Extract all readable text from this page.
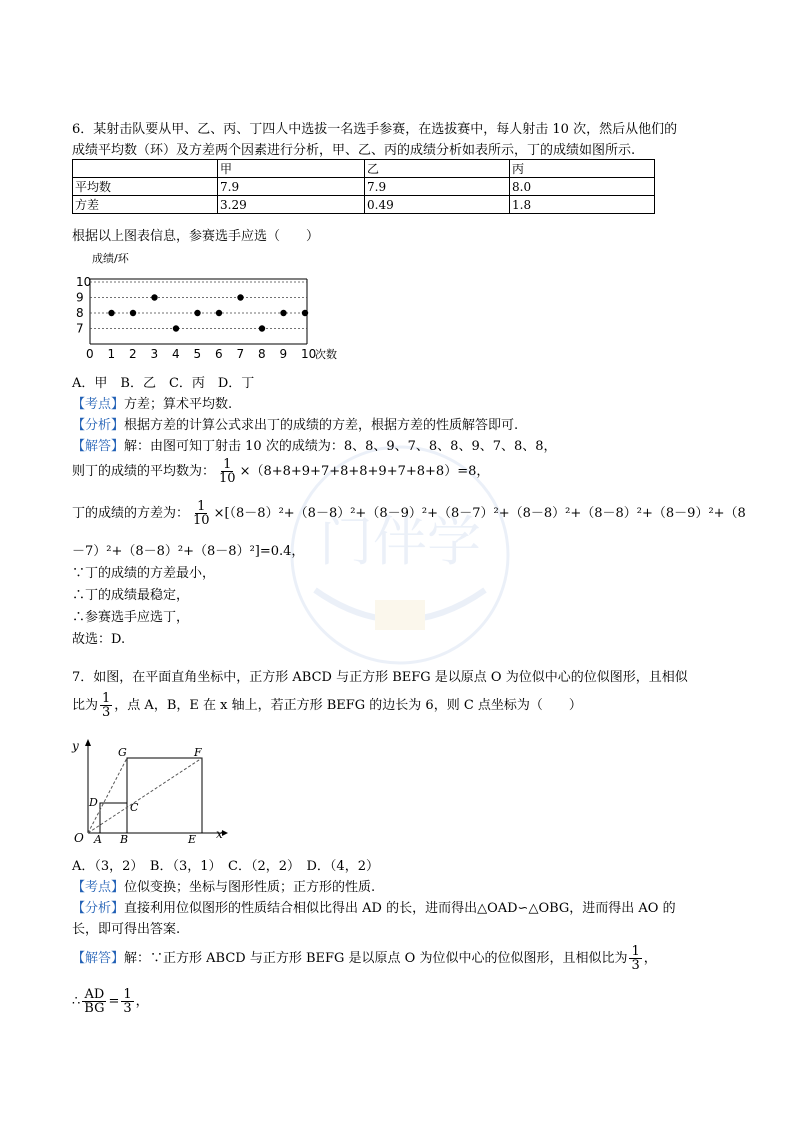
门伴学
6．某射击队要从甲、乙、丙、丁四人中选拔一名选手参赛，在选拔赛中，每人射击 10 次，然后从他们的
成绩平均数（环）及方差两个因素进行分析，甲、乙、丙的成绩分析如表所示，丁的成绩如图所示.
	甲	乙	丙
平均数	7.9	7.9	8.0
方差	3.29	0.49	1.8
根据以上图表信息，参赛选手应选（　　）
7
8
9
10
0 1 2 3 4 5 6 7 8 9 10
成绩/环
次数
A．甲　B．乙　C．丙　D．丁
【考点】方差；算术平均数.
【分析】根据方差的计算公式求出丁的成绩的方差，根据方差的性质解答即可.
【解答】解：由图可知丁射击 10 次的成绩为：8、8、9、7、8、8、9、7、8、8，
则丁的成绩的平均数为： $\frac{1}{10} \times(8+8+9+7+8+8+9+7+8+8)=8$，
丁的成绩的方差为： $\frac{1}{10} \times[(8-8)^2+(8-8)^2+(8-9)^2+(8-7)^2+(8-8)^2+(8-8)^2+(8-9)^2+(8$
－7）²+（8－8）²+（8－8）²]=0.4，
∵丁的成绩的方差最小，
∴丁的成绩最稳定，
∴参赛选手应选丁，
故选：D.
7．如图，在平面直角坐标中，正方形 ABCD 与正方形 BEFG 是以原点 O 为位似中心的位似图形，且相似
比为 $\frac{1}{3}$ ，点 A，B，E 在 x 轴上，若正方形 BEFG 的边长为 6，则 C 点坐标为（　　）
y
x
O A B	E
D	C
G	F
A．（3，2）　B．（3，1）　C．（2，2）　D．（4，2）
【考点】位似变换；坐标与图形性质；正方形的性质.
【分析】直接利用位似图形的性质结合相似比得出 AD 的长，进而得出△OAD∽△OBG，进而得出 AO 的
长，即可得出答案.
【解答】解：∵正方形 ABCD 与正方形 BEFG 是以原点 O 为位似中心的位似图形，且相似比为 $\frac{1}{3}$ ，
∴ $\frac{AD}{BG} = \frac{1}{3}$ ，
